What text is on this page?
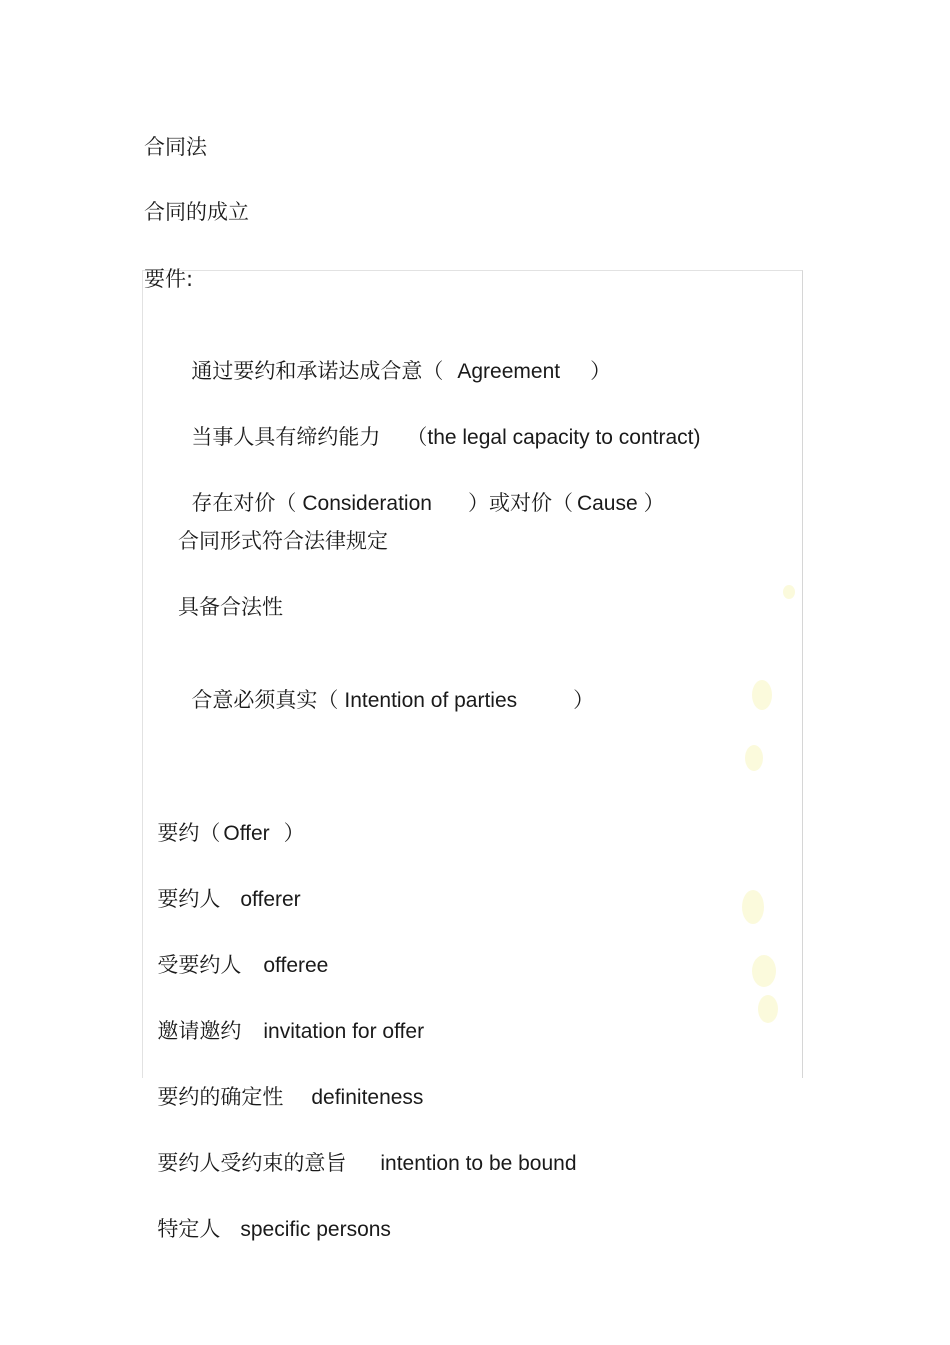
合同法
合同的成立
要件:

通过要约和承诺达成合意（ Agreement ）

当事人具有缔约能力 （the legal capacity to contract)

存在对价（ Consideration ）或对价（ Cause ）

合同形式符合法律规定
具备合法性

合意必须真实（ Intention of parties	）

要约（ Offer ）

要约人 offerer

受要约人 offeree

邀请邀约 invitation for offer

要约的确定性 definiteness

要约人受约束的意旨 intention to be bound

特定人 specific persons
